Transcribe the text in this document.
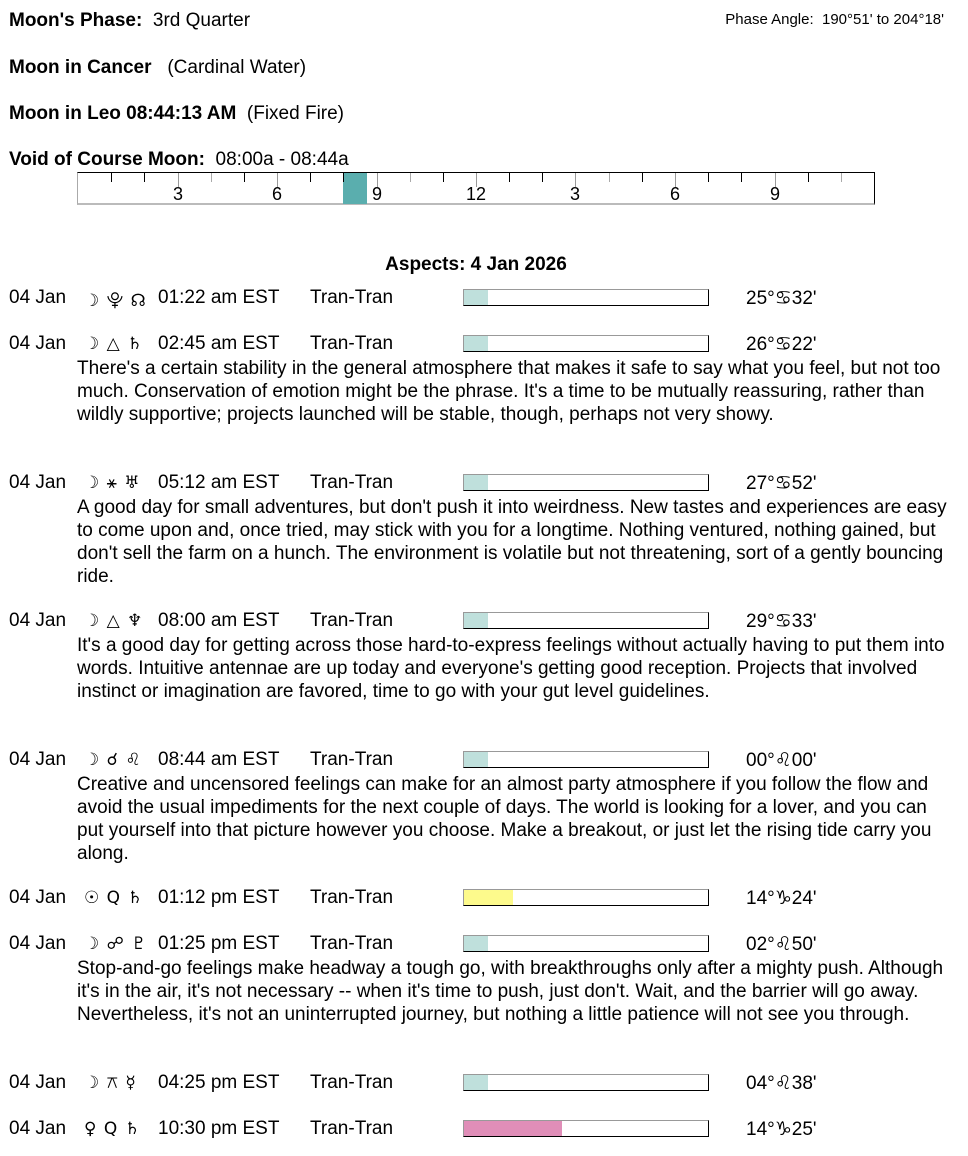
Moon's Phase: 3rd Quarter	Phase Angle: 190°51' to 204°18'
Moon in Cancer (Cardinal Water)
Moon in Leo 08:44:13 AM (Fixed Fire)
Void of Course Moon: 08:00a - 08:44a
3	6	9	12	3	6	9
Aspects: 4 Jan 2026
04 Jan ☽ ⯓ ☊ 01:22 am EST Tran-Tran	25°♋32'
04 Jan ☽ △ ♄ 02:45 am EST Tran-Tran	26°♋22'
There's a certain stability in the general atmosphere that makes it safe to say what you feel, but not too much. Conservation of emotion might be the phrase. It's a time to be mutually reassuring, rather than wildly supportive; projects launched will be stable, though, perhaps not very showy.
04 Jan ☽ ⚹ ♅ 05:12 am EST Tran-Tran	27°♋52'
A good day for small adventures, but don't push it into weirdness. New tastes and experiences are easy to come upon and, once tried, may stick with you for a longtime. Nothing ventured, nothing gained, but don't sell the farm on a hunch. The environment is volatile but not threatening, sort of a gently bouncing ride.
04 Jan ☽ △ ♆ 08:00 am EST Tran-Tran	29°♋33'
It's a good day for getting across those hard-to-express feelings without actually having to put them into words. Intuitive antennae are up today and everyone's getting good reception. Projects that involved instinct or imagination are favored, time to go with your gut level guidelines.
04 Jan ☽ ☌ ♌ 08:44 am EST Tran-Tran	00°♌00'
Creative and uncensored feelings can make for an almost party atmosphere if you follow the flow and avoid the usual impediments for the next couple of days. The world is looking for a lover, and you can put yourself into that picture however you choose. Make a breakout, or just let the rising tide carry you along.
04 Jan ☉ Q ♄ 01:12 pm EST Tran-Tran	14°♑24'
04 Jan ☽ ☍ ♇ 01:25 pm EST Tran-Tran	02°♌50'
Stop-and-go feelings make headway a tough go, with breakthroughs only after a mighty push. Although it's in the air, it's not necessary -- when it's time to push, just don't. Wait, and the barrier will go away. Nevertheless, it's not an uninterrupted journey, but nothing a little patience will not see you through.
04 Jan ☽ ⚻ ☿ 04:25 pm EST Tran-Tran	04°♌38'
04 Jan ♀ Q ♄ 10:30 pm EST Tran-Tran	14°♑25'
